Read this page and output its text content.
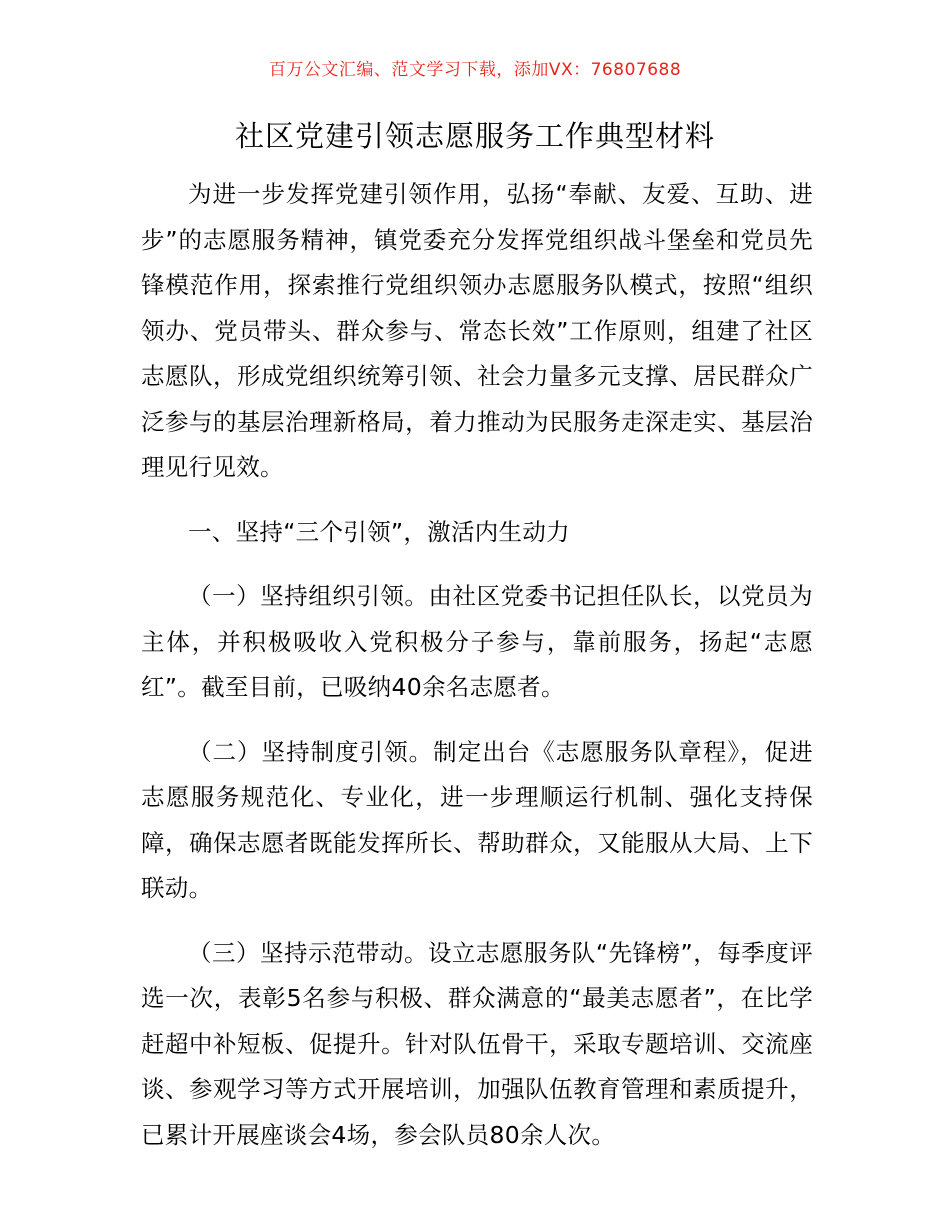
百万公文汇编、范文学习下载，添加VX：76807688
社区党建引领志愿服务工作典型材料

为进一步发挥党建引领作用，弘扬“奉献、友爱、互助、进步”的志愿服务精神，镇党委充分发挥党组织战斗堡垒和党员先锋模范作用，探索推行党组织领办志愿服务队模式，按照“组织领办、党员带头、群众参与、常态长效”工作原则，组建了社区志愿队，形成党组织统筹引领、社会力量多元支撑、居民群众广泛参与的基层治理新格局，着力推动为民服务走深走实、基层治理见行见效。

一、坚持“三个引领”，激活内生动力

（一）坚持组织引领。由社区党委书记担任队长，以党员为主体，并积极吸收入党积极分子参与，靠前服务，扬起“志愿红”。截至目前，已吸纳40余名志愿者。

（二）坚持制度引领。制定出台《志愿服务队章程》，促进志愿服务规范化、专业化，进一步理顺运行机制、强化支持保障，确保志愿者既能发挥所长、帮助群众，又能服从大局、上下联动。

（三）坚持示范带动。设立志愿服务队“先锋榜”，每季度评选一次，表彰5名参与积极、群众满意的“最美志愿者”，在比学赶超中补短板、促提升。针对队伍骨干，采取专题培训、交流座谈、参观学习等方式开展培训，加强队伍教育管理和素质提升，已累计开展座谈会4场，参会队员80余人次。
